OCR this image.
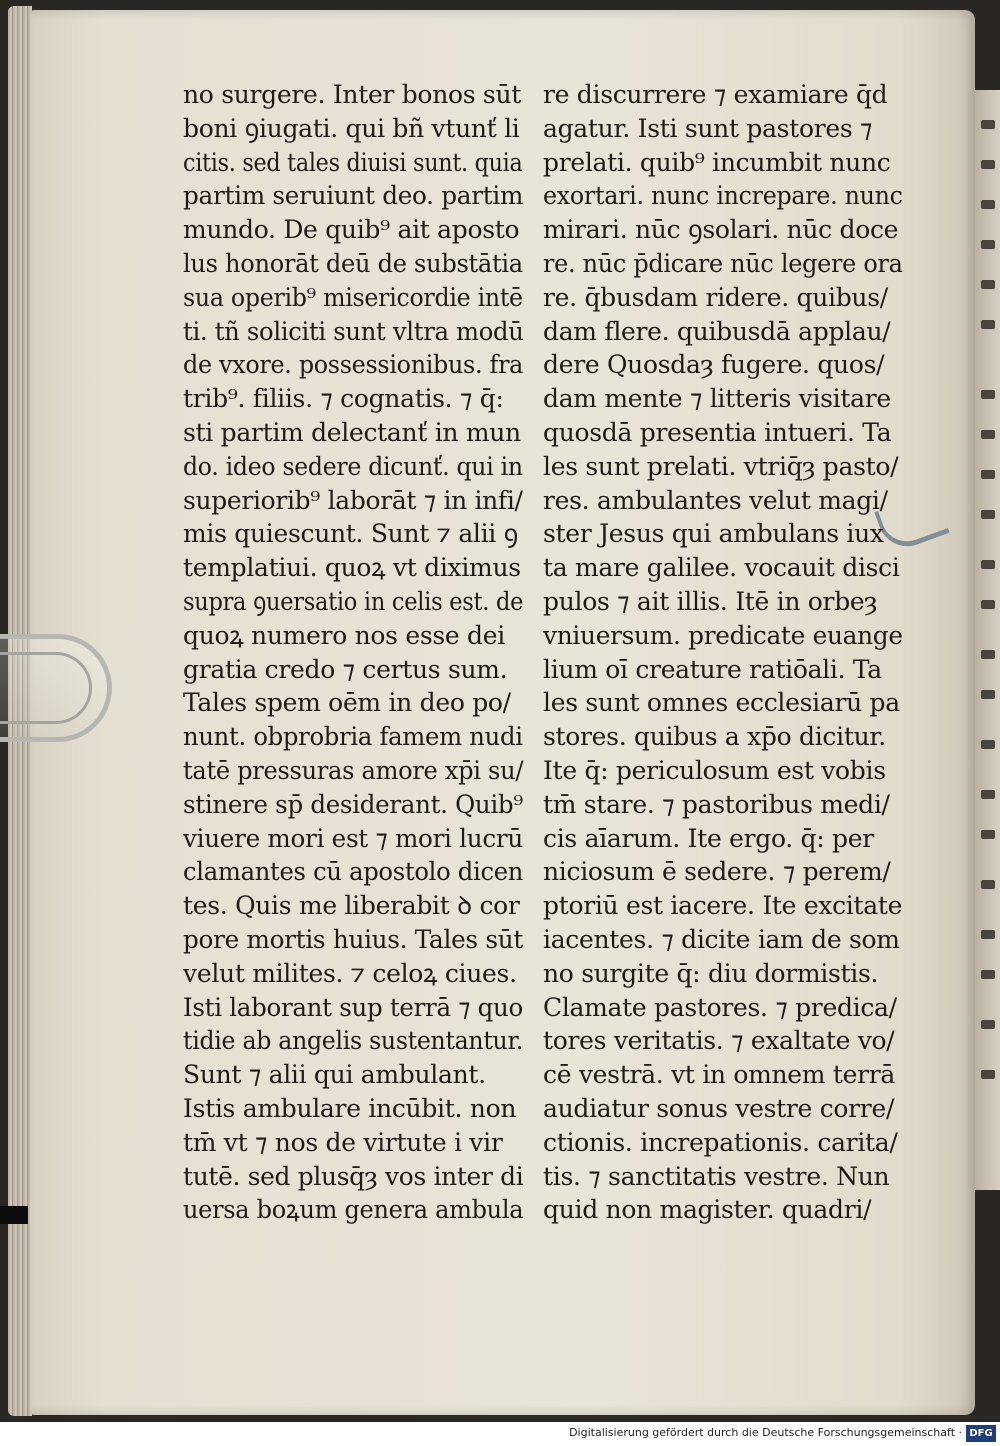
no surgere. Inter bonos sūt
boni ꝯiugati. qui bñ vtunť li
citis. sed tales diuisi sunt. quia
partim seruiunt deo. partim
mundo. De quib⁹ ait aposto
lus honorāt deū de substātia
sua operib⁹ misericordie intē
ti. tñ soliciti sunt vltra modū
de vxore. possessionibus. fra
trib⁹. filiis. ⁊ cognatis. ⁊ q̄:
sti partim delectanť in mun
do. ideo sedere dicunť. qui in
superiorib⁹ laborāt ⁊ in infi/
mis quiescunt. Sunt ⁊ alii ꝯ
templatiui. quoꝝ vt diximus
supra ꝯuersatio in celis est. de
quoꝝ numero nos esse dei
gratia credo ⁊ certus sum.
Tales spem oēm in deo po/
nunt. obprobria famem nudi
tatē pressuras amore xp̄i su/
stinere sp̄ desiderant. Quib⁹
viuere mori est ⁊ mori lucrū
clamantes cū apostolo dicen
tes. Quis me liberabit ꝺ cor
pore mortis huius. Tales sūt
velut milites. ⁊ celoꝝ ciues.
Isti laborant sup terrā ⁊ quo
tidie ab angelis sustentantur.
Sunt ⁊ alii qui ambulant.
Istis ambulare incūbit. non
tm̄ vt ⁊ nos de virtute i vir
tutē. sed plusq̄ȝ vos inter di
uersa boꝝum genera ambula
re discurrere ⁊ examiare q̄d
agatur. Isti sunt pastores ⁊
prelati. quib⁹ incumbit nunc
exortari. nunc increpare. nunc
mirari. nūc ꝯsolari. nūc doce
re. nūc p̄dicare nūc legere ora
re. q̄busdam ridere. quibus/
dam flere. quibusdā applau/
dere Quosdaȝ fugere. quos/
dam mente ⁊ litteris visitare
quosdā presentia intueri. Ta
les sunt prelati. vtriq̄ȝ pasto/
res. ambulantes velut magi/
ster Jesus qui ambulans iux
ta mare galilee. vocauit disci
pulos ⁊ ait illis. Itē in orbeȝ
vniuersum. predicate euange
lium oī creature ratiōali. Ta
les sunt omnes ecclesiarū pa
stores. quibus a xp̄o dicitur.
Ite q̄: periculosum est vobis
tm̄ stare. ⁊ pastoribus medi/
cis aīarum. Ite ergo. q̄: per
niciosum ē sedere. ⁊ perem/
ptoriū est iacere. Ite excitate
iacentes. ⁊ dicite iam de som
no surgite q̄: diu dormistis.
Clamate pastores. ⁊ predica/
tores veritatis. ⁊ exaltate vo/
cē vestrā. vt in omnem terrā
audiatur sonus vestre corre/
ctionis. increpationis. carita/
tis. ⁊ sanctitatis vestre. Nun
quid non magister. quadri/
Digitalisierung gefördert durch die Deutsche Forschungsgemeinschaft · DFG
